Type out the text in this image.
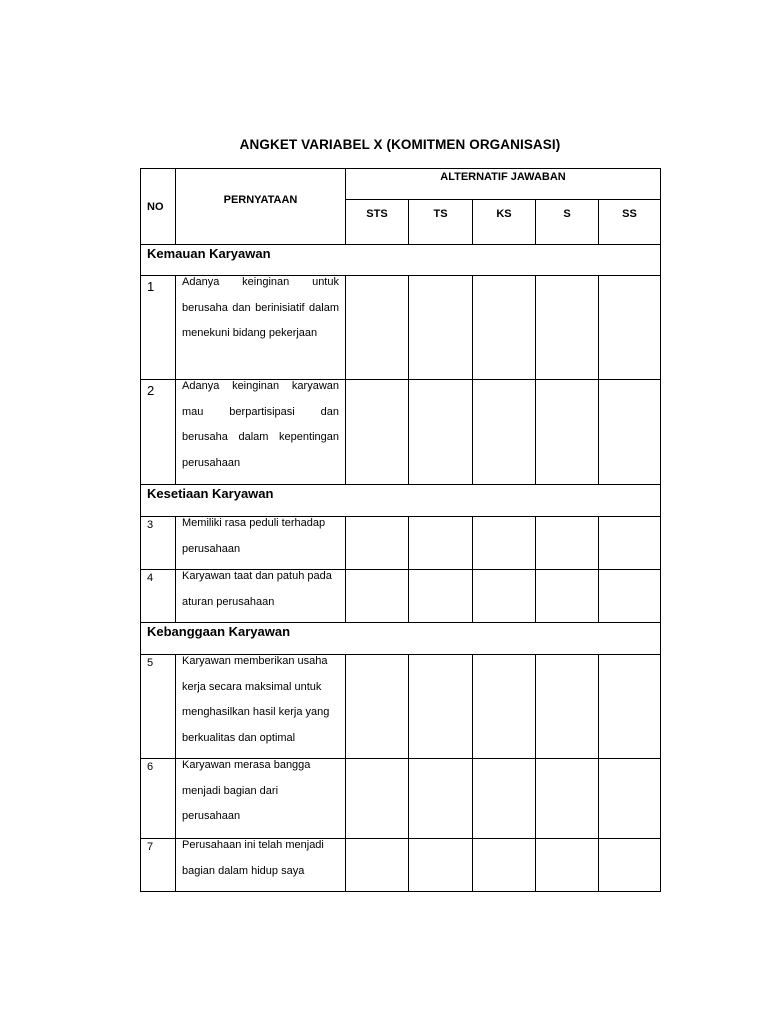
ANGKET VARIABEL X (KOMITMEN ORGANISASI)
NO	PERNYATAAN	ALTERNATIF JAWABAN				
		STS	TS	KS	S	SS
Kemauan Karyawan						
1	Adanya keinginan untuk berusaha dan berinisiatif dalam menekuni bidang pekerjaan					

2	Adanya keinginan karyawan mau berpartisipasi dan berusaha dalam kepentingan perusahaan					

Kesetiaan Karyawan						
3	Memiliki rasa peduli terhadap perusahaan					

4	Karyawan taat dan patuh pada aturan perusahaan					

Kebanggaan Karyawan						
5	Karyawan memberikan usaha kerja secara maksimal untuk menghasilkan hasil kerja yang berkualitas dan optimal					

6	Karyawan merasa bangga menjadi bagian dari perusahaan					

7	Perusahaan ini telah menjadi bagian dalam hidup saya					
